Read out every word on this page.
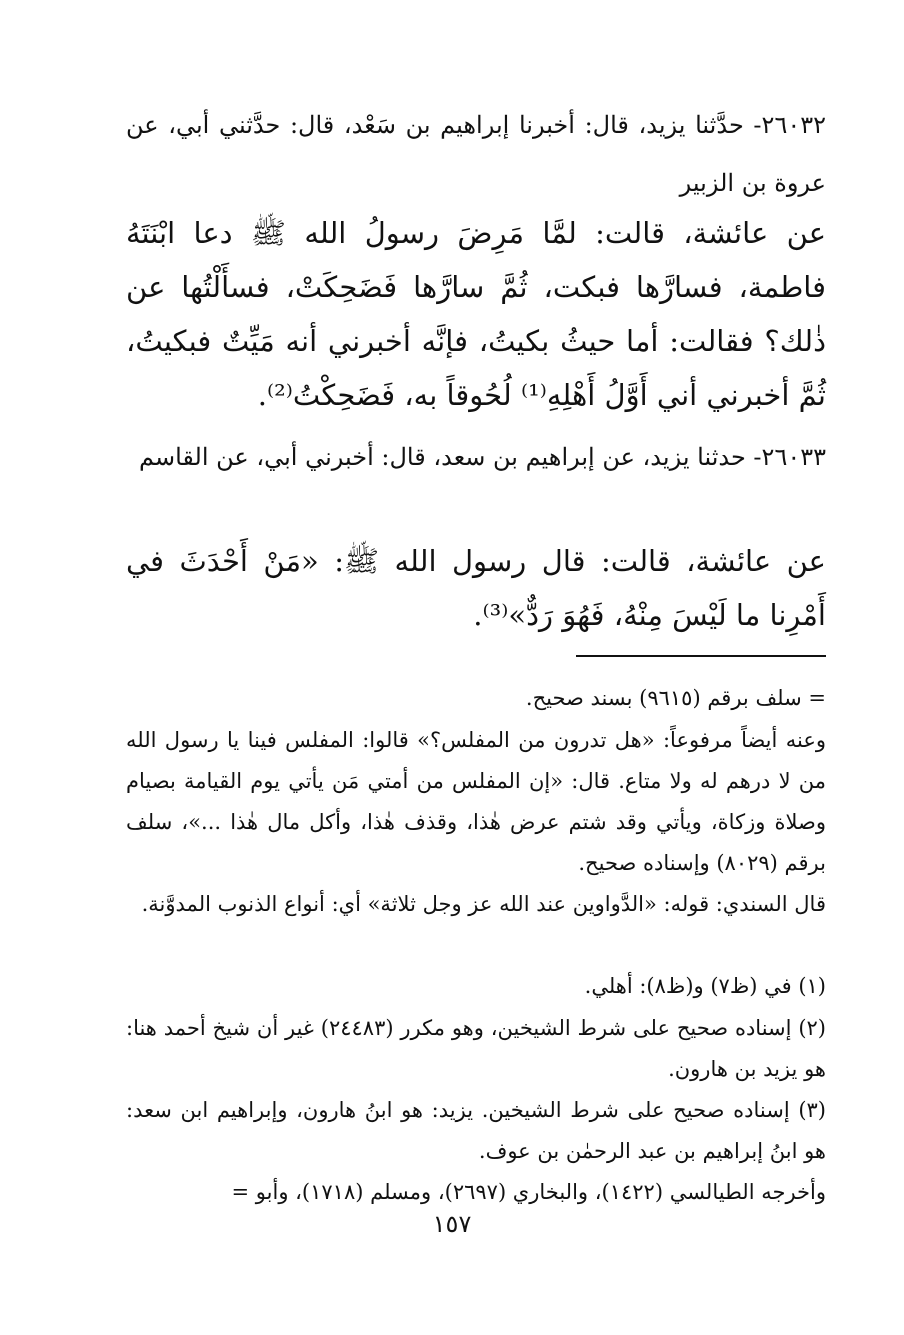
٢٦٠٣٢- حدَّثنا يزيد، قال: أخبرنا إبراهيم بن سَعْد، قال: حدَّثني أبي، عن عروة بن الزبير
عن عائشة، قالت: لمَّا مَرِضَ رسولُ الله ﷺ دعا ابْنَتَهُ فاطمة، فسارَّها فبكت، ثُمَّ سارَّها فَضَحِكَتْ، فسأَلْتُها عن ذٰلك؟ فقالت: أما حيثُ بكيتُ، فإنَّه أخبرني أنه مَيِّتٌ فبكيتُ، ثُمَّ أخبرني أني أَوَّلُ أَهْلِهِ⁽¹⁾ لُحُوقاً به، فَضَحِكْتُ⁽²⁾.
٢٦٠٣٣- حدثنا يزيد، عن إبراهيم بن سعد، قال: أخبرني أبي، عن القاسم
عن عائشة، قالت: قال رسول الله ﷺ: «مَنْ أَحْدَثَ في أَمْرِنا ما لَيْسَ مِنْهُ، فَهُوَ رَدٌّ»⁽³⁾.
= سلف برقم (٩٦١٥) بسند صحيح.
وعنه أيضاً مرفوعاً: «هل تدرون من المفلس؟» قالوا: المفلس فينا يا رسول الله من لا درهم له ولا متاع. قال: «إن المفلس من أمتي مَن يأتي يوم القيامة بصيام وصلاة وزكاة، ويأتي وقد شتم عرض هٰذا، وقذف هٰذا، وأكل مال هٰذا ...»، سلف برقم (٨٠٢٩) وإسناده صحيح.
قال السندي: قوله: «الدَّواوين عند الله عز وجل ثلاثة» أي: أنواع الذنوب المدوَّنة.
(١) في (ظ٧) و(ظ٨): أهلي.
(٢) إسناده صحيح على شرط الشيخين، وهو مكرر (٢٤٤٨٣) غير أن شيخ أحمد هنا: هو يزيد بن هارون.
(٣) إسناده صحيح على شرط الشيخين. يزيد: هو ابنُ هارون، وإبراهيم ابن سعد: هو ابنُ إبراهيم بن عبد الرحمٰن بن عوف.
وأخرجه الطيالسي (١٤٢٢)، والبخاري (٢٦٩٧)، ومسلم (١٧١٨)، وأبو =
١٥٧
